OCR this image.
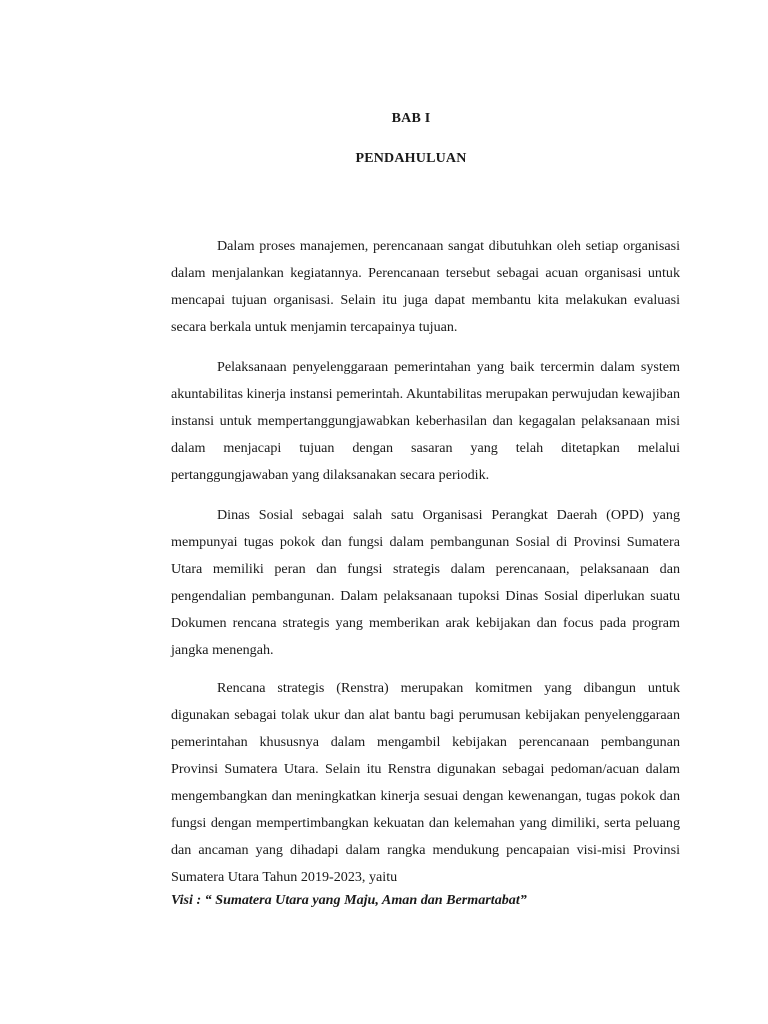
BAB I
PENDAHULUAN

Dalam proses manajemen, perencanaan sangat dibutuhkan oleh setiap organisasi dalam menjalankan kegiatannya. Perencanaan tersebut sebagai acuan organisasi untuk mencapai tujuan organisasi. Selain itu juga dapat membantu kita melakukan evaluasi secara berkala untuk menjamin tercapainya tujuan.

Pelaksanaan penyelenggaraan pemerintahan yang baik tercermin dalam system akuntabilitas kinerja instansi pemerintah. Akuntabilitas merupakan perwujudan kewajiban instansi untuk mempertanggungjawabkan keberhasilan dan kegagalan pelaksanaan misi dalam menjacapi tujuan dengan sasaran yang telah ditetapkan melalui pertanggungjawaban yang dilaksanakan secara periodik.

Dinas Sosial sebagai salah satu Organisasi Perangkat Daerah (OPD) yang mempunyai tugas pokok dan fungsi dalam pembangunan Sosial di Provinsi Sumatera Utara memiliki peran dan fungsi strategis dalam perencanaan, pelaksanaan dan pengendalian pembangunan. Dalam pelaksanaan tupoksi Dinas Sosial diperlukan suatu Dokumen rencana strategis yang memberikan arak kebijakan dan focus pada program jangka menengah.

Rencana strategis (Renstra) merupakan komitmen yang dibangun untuk digunakan sebagai tolak ukur dan alat bantu bagi perumusan kebijakan penyelenggaraan pemerintahan khususnya dalam mengambil kebijakan perencanaan pembangunan Provinsi Sumatera Utara. Selain itu Renstra digunakan sebagai pedoman/acuan dalam mengembangkan dan meningkatkan kinerja sesuai dengan kewenangan, tugas pokok dan fungsi dengan mempertimbangkan kekuatan dan kelemahan yang dimiliki, serta peluang dan ancaman yang dihadapi dalam rangka mendukung pencapaian visi-misi Provinsi Sumatera Utara Tahun 2019-2023, yaitu

Visi : “ Sumatera Utara yang Maju, Aman dan Bermartabat”
